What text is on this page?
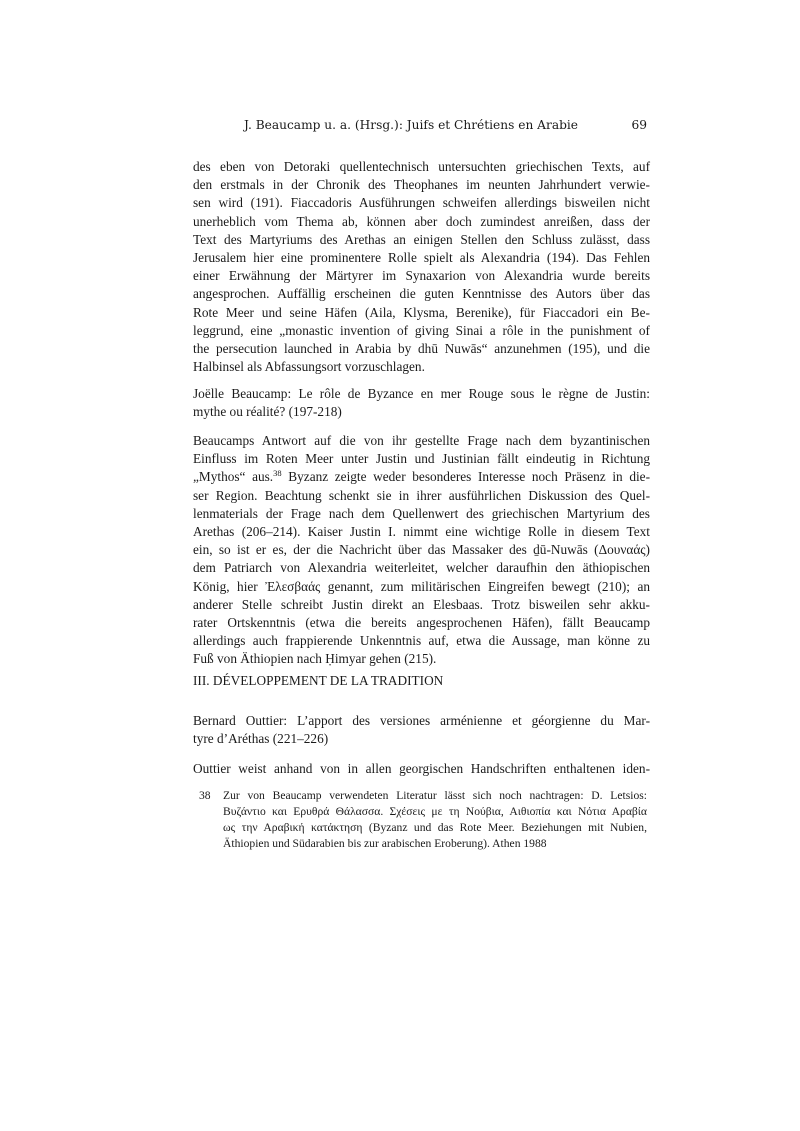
J. Beaucamp u. a. (Hrsg.): Juifs et Chrétiens en Arabie	69
des eben von Detoraki quellentechnisch untersuchten griechischen Texts, auf
den erstmals in der Chronik des Theophanes im neunten Jahrhundert verwie-
sen wird (191). Fiaccadoris Ausführungen schweifen allerdings bisweilen nicht
unerheblich vom Thema ab, können aber doch zumindest anreißen, dass der
Text des Martyriums des Arethas an einigen Stellen den Schluss zulässt, dass
Jerusalem hier eine prominentere Rolle spielt als Alexandria (194). Das Fehlen
einer Erwähnung der Märtyrer im Synaxarion von Alexandria wurde bereits
angesprochen. Auffällig erscheinen die guten Kenntnisse des Autors über das
Rote Meer und seine Häfen (Aila, Klysma, Berenike), für Fiaccadori ein Be-
leggrund, eine „monastic invention of giving Sinai a rôle in the punishment of
the persecution launched in Arabia by dhū Nuwās“ anzunehmen (195), und die
Halbinsel als Abfassungsort vorzuschlagen.
Joëlle Beaucamp: Le rôle de Byzance en mer Rouge sous le règne de Justin:
mythe ou réalité? (197-218)
Beaucamps Antwort auf die von ihr gestellte Frage nach dem byzantinischen
Einfluss im Roten Meer unter Justin und Justinian fällt eindeutig in Richtung
„Mythos“ aus.$^{38}$ Byzanz zeigte weder besonderes Interesse noch Präsenz in die-
ser Region. Beachtung schenkt sie in ihrer ausführlichen Diskussion des Quel-
lenmaterials der Frage nach dem Quellenwert des griechischen Martyrium des
Arethas (206–214). Kaiser Justin I. nimmt eine wichtige Rolle in diesem Text
ein, so ist er es, der die Nachricht über das Massaker des ḏū-Nuwās (Δουναάς)
dem Patriarch von Alexandria weiterleitet, welcher daraufhin den äthiopischen
König, hier Ἐλεσβαάς genannt, zum militärischen Eingreifen bewegt (210); an
anderer Stelle schreibt Justin direkt an Elesbaas. Trotz bisweilen sehr akku-
rater Ortskenntnis (etwa die bereits angesprochenen Häfen), fällt Beaucamp
allerdings auch frappierende Unkenntnis auf, etwa die Aussage, man könne zu
Fuß von Äthiopien nach Ḥimyar gehen (215).
III. DÉVELOPPEMENT DE LA TRADITION
Bernard Outtier: L’apport des versiones arménienne et géorgienne du Mar-
tyre d’Aréthas (221–226)
Outtier weist anhand von in allen georgischen Handschriften enthaltenen iden-
38 Zur von Beaucamp verwendeten Literatur lässt sich noch nachtragen: D. Letsios:
Βυζάντιο και Ερυθρά Θάλασσα. Σχέσεις με τη Νούβια, Αιθιοπία και Νότια Αραβία
ως την Αραβική κατάκτηση (Byzanz und das Rote Meer. Beziehungen mit Nubien,
Äthiopien und Südarabien bis zur arabischen Eroberung). Athen 1988
